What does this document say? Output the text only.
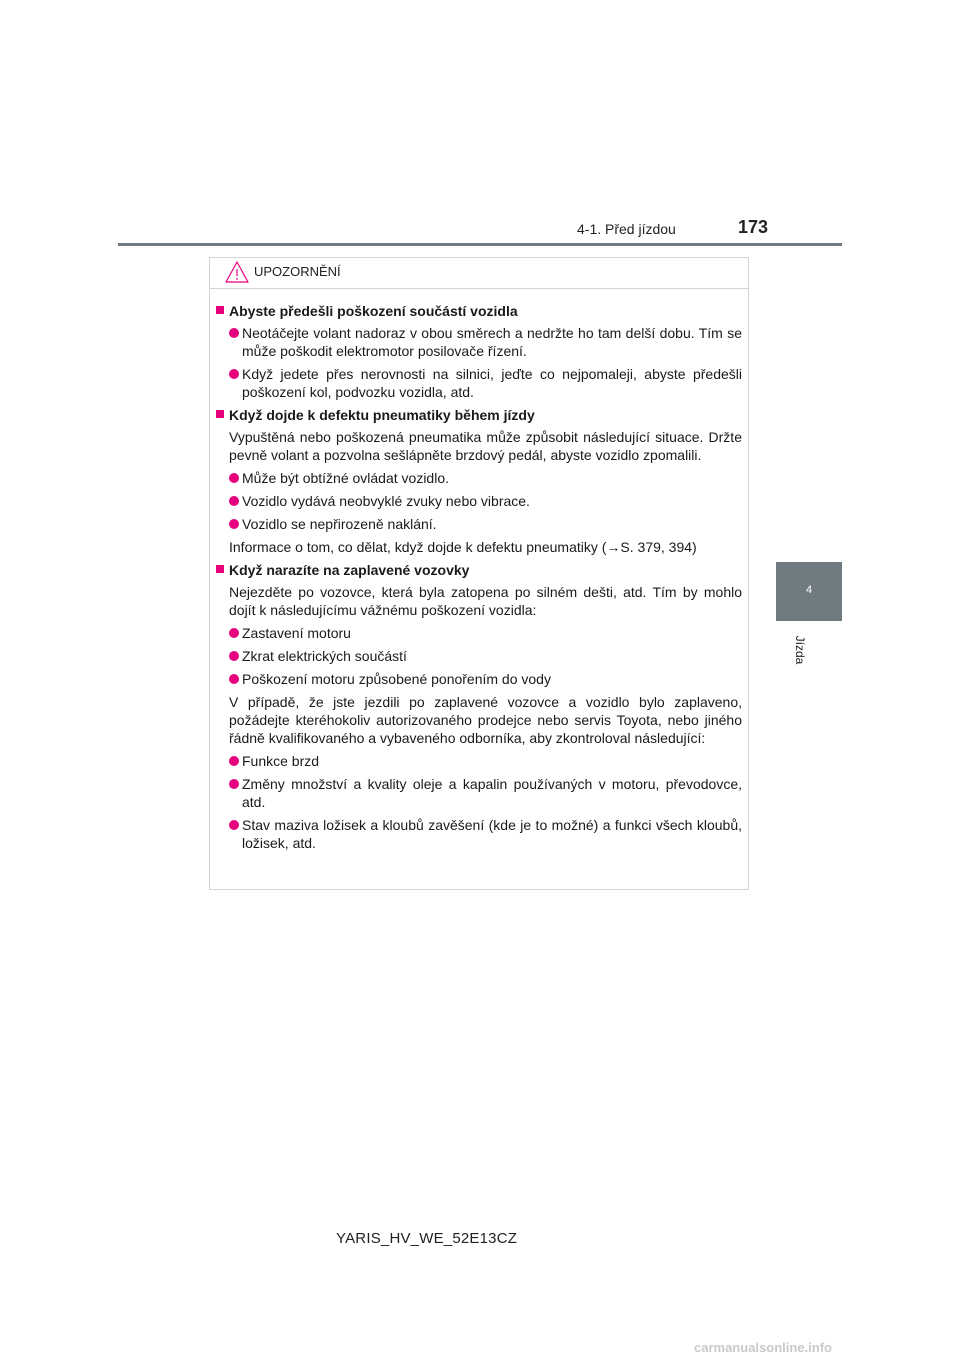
4-1. Před jízdou	173
4
Jízda
UPOZORNĚNÍ
Abyste předešli poškození součástí vozidla
Neotáčejte volant nadoraz v obou směrech a nedržte ho tam delší dobu. Tím se může poškodit elektromotor posilovače řízení.
Když jedete přes nerovnosti na silnici, jeďte co nejpomaleji, abyste předešli poškození kol, podvozku vozidla, atd.
Když dojde k defektu pneumatiky během jízdy
Vypuštěná nebo poškozená pneumatika může způsobit následující situace. Držte pevně volant a pozvolna sešlápněte brzdový pedál, abyste vozidlo zpomalili.
Může být obtížné ovládat vozidlo.
Vozidlo vydává neobvyklé zvuky nebo vibrace.
Vozidlo se nepřirozeně naklání.
Informace o tom, co dělat, když dojde k defektu pneumatiky (→S. 379, 394)
Když narazíte na zaplavené vozovky
Nejezděte po vozovce, která byla zatopena po silném dešti, atd. Tím by mohlo dojít k následujícímu vážnému poškození vozidla:
Zastavení motoru
Zkrat elektrických součástí
Poškození motoru způsobené ponořením do vody
V případě, že jste jezdili po zaplavené vozovce a vozidlo bylo zaplaveno, požádejte kteréhokoliv autorizovaného prodejce nebo servis Toyota, nebo jiného řádně kvalifikovaného a vybaveného odborníka, aby zkontroloval následující:
Funkce brzd
Změny množství a kvality oleje a kapalin používaných v motoru, převodovce, atd.
Stav maziva ložisek a kloubů zavěšení (kde je to možné) a funkci všech kloubů, ložisek, atd.
YARIS_HV_WE_52E13CZ
carmanualsonline.info
